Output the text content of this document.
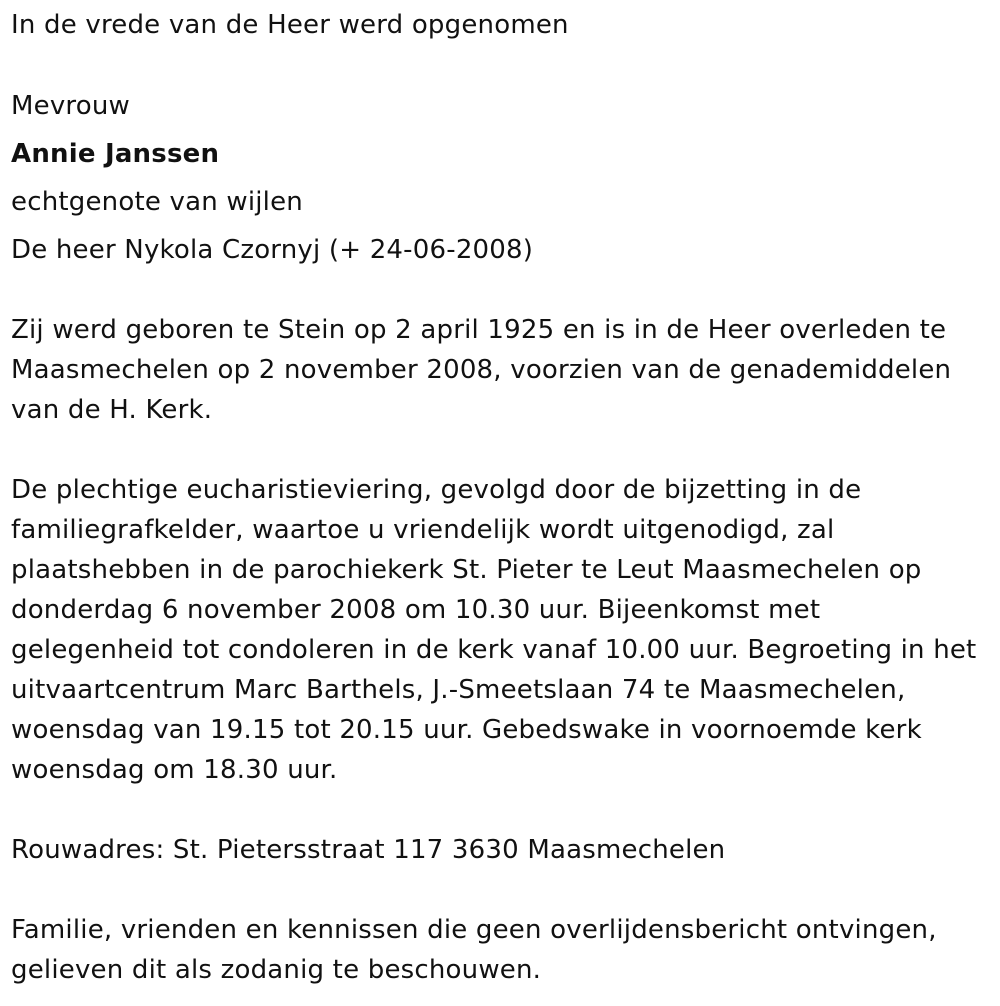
In de vrede van de Heer werd opgenomen
Mevrouw
Annie Janssen
echtgenote van wijlen
De heer Nykola Czornyj (+ 24-06-2008)
Zij werd geboren te Stein op 2 april 1925 en is in de Heer overleden te
Maasmechelen op 2 november 2008, voorzien van de genademiddelen
van de H. Kerk.
De plechtige eucharistieviering, gevolgd door de bijzetting in de
familiegrafkelder, waartoe u vriendelijk wordt uitgenodigd, zal
plaatshebben in de parochiekerk St. Pieter te Leut Maasmechelen op
donderdag 6 november 2008 om 10.30 uur. Bijeenkomst met
gelegenheid tot condoleren in de kerk vanaf 10.00 uur. Begroeting in het
uitvaartcentrum Marc Barthels, J.-Smeetslaan 74 te Maasmechelen,
woensdag van 19.15 tot 20.15 uur. Gebedswake in voornoemde kerk
woensdag om 18.30 uur.
Rouwadres: St. Pietersstraat 117 3630 Maasmechelen
Familie, vrienden en kennissen die geen overlijdensbericht ontvingen,
gelieven dit als zodanig te beschouwen.
